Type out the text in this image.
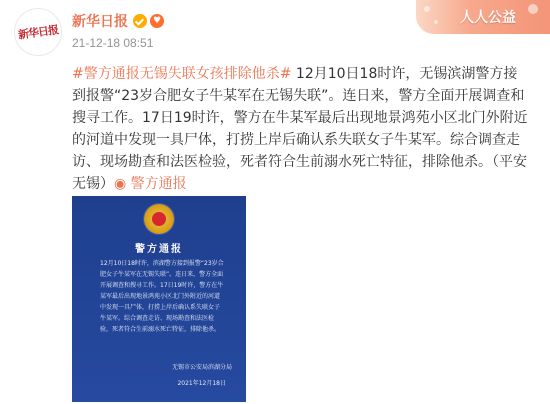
新华日报
新华日报	♥
21-12-18 08:51
人人公益
#警方通报无锡失联女孩排除他杀# 12月10日18时许，无锡滨湖警方接到报警“23岁合肥女子牛某军在无锡失联”。连日来，警方全面开展调查和搜寻工作。17日19时许，警方在牛某军最后出现地景鸿苑小区北门外附近的河道中发现一具尸体，打捞上岸后确认系失联女子牛某军。综合调查走访、现场勘查和法医检验，死者符合生前溺水死亡特征，排除他杀。（平安无锡）◉ 警方通报

警方通报
12月10日18时许，滨湖警方接到报警“23岁合肥女子牛某军在无锡失联”。连日来，警方全面开展调查和搜寻工作。17日19时许，警方在牛某军最后出现地景鸿苑小区北门外附近的河道中发现一具尸体，打捞上岸后确认系失联女子牛某军。综合调查走访、现场勘查和法医检验，死者符合生前溺水死亡特征，排除他杀。
无锡市公安局滨湖分局
2021年12月18日
